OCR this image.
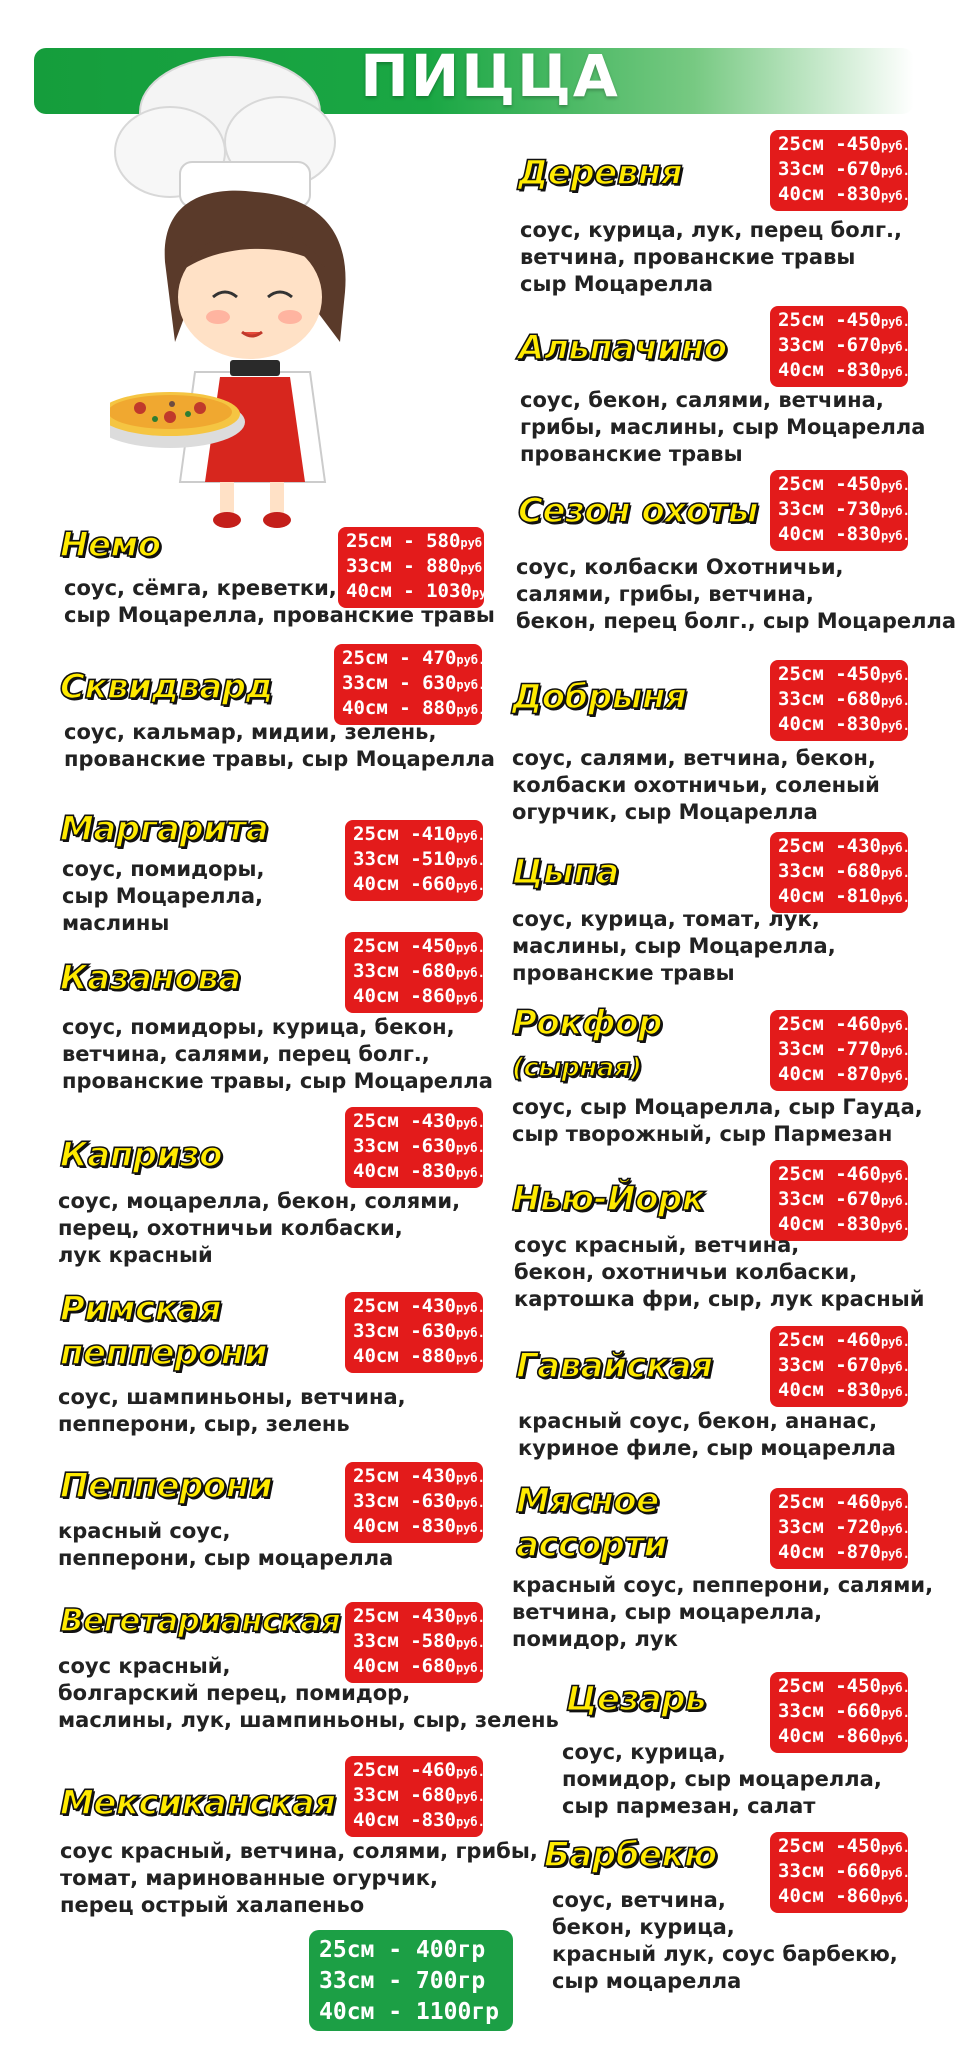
ПИЦЦА
Немо	25см - 580руб.
33см - 880руб.
40см - 1030руб.
соус, сёмга, креветки,
сыр Моцарелла, прованские травы
Сквидвард
25см - 470руб.
33см - 630руб.
40см - 880руб.
соус, кальмар, мидии, зелень,
прованские травы, сыр Моцарелла
Маргарита	25см -410руб.
33см -510руб.
40см -660руб.
соус, помидоры,
сыр Моцарелла,
маслины
Казанова
25см -450руб.
33см -680руб.
40см -860руб.
соус, помидоры, курица, бекон,
ветчина, салями, перец болг.,
прованские травы, сыр Моцарелла
Капризо
25см -430руб.
33см -630руб.
40см -830руб.
соус, моцарелла, бекон, солями,
перец, охотничьи колбаски,
лук красный
Римская
пепперони
25см -430руб.
33см -630руб.
40см -880руб.
соус, шампиньоны, ветчина,
пепперони, сыр, зелень
Пепперони	25см -430руб.
33см -630руб.
40см -830руб.
красный соус,
пепперони, сыр моцарелла
Вегетарианская 25см -430руб.
33см -580руб.
40см -680руб.
соус красный,
болгарский перец, помидор,
маслины, лук, шампиньоны, сыр, зелень
Мексиканская
25см -460руб.
33см -680руб.
40см -830руб.
соус красный, ветчина, солями, грибы,
томат, маринованные огурчик,
перец острый халапеньо
25см - 400гр
33см - 700гр
40см - 1100гр
Деревня
25см -450руб.
33см -670руб.
40см -830руб.
соус, курица, лук, перец болг.,
ветчина, прованские травы
сыр Моцарелла
Альпачино
25см -450руб.
33см -670руб.
40см -830руб.
соус, бекон, салями, ветчина,
грибы, маслины, сыр Моцарелла
прованские травы
Сезон охоты
25см -450руб.
33см -730руб.
40см -830руб.
соус, колбаски Охотничьи,
салями, грибы, ветчина,
бекон, перец болг., сыр Моцарелла
Добрыня
25см -450руб.
33см -680руб.
40см -830руб.
соус, салями, ветчина, бекон,
колбаски охотничьи, соленый
огурчик, сыр Моцарелла
Цыпа
25см -430руб.
33см -680руб.
40см -810руб.
соус, курица, томат, лук,
маслины, сыр Моцарелла,
прованские травы
Рокфор
(сырная)
25см -460руб.
33см -770руб.
40см -870руб.
соус, сыр Моцарелла, сыр Гауда,
сыр творожный, сыр Пармезан
Нью-Йорк
25см -460руб.
33см -670руб.
40см -830руб.
соус красный, ветчина,
бекон, охотничьи колбаски,
картошка фри, сыр, лук красный
Гавайская
25см -460руб.
33см -670руб.
40см -830руб.
красный соус, бекон, ананас,
куриное филе, сыр моцарелла
Мясное
ассорти
25см -460руб.
33см -720руб.
40см -870руб.
красный соус, пепперони, салями,
ветчина, сыр моцарелла,
помидор, лук
Цезарь	25см -450руб.
33см -660руб.
40см -860руб.
соус, курица,
помидор, сыр моцарелла,
сыр пармезан, салат
Барбекю	25см -450руб.
33см -660руб.
40см -860руб.
соус, ветчина,
бекон, курица,
красный лук, соус барбекю,
сыр моцарелла
